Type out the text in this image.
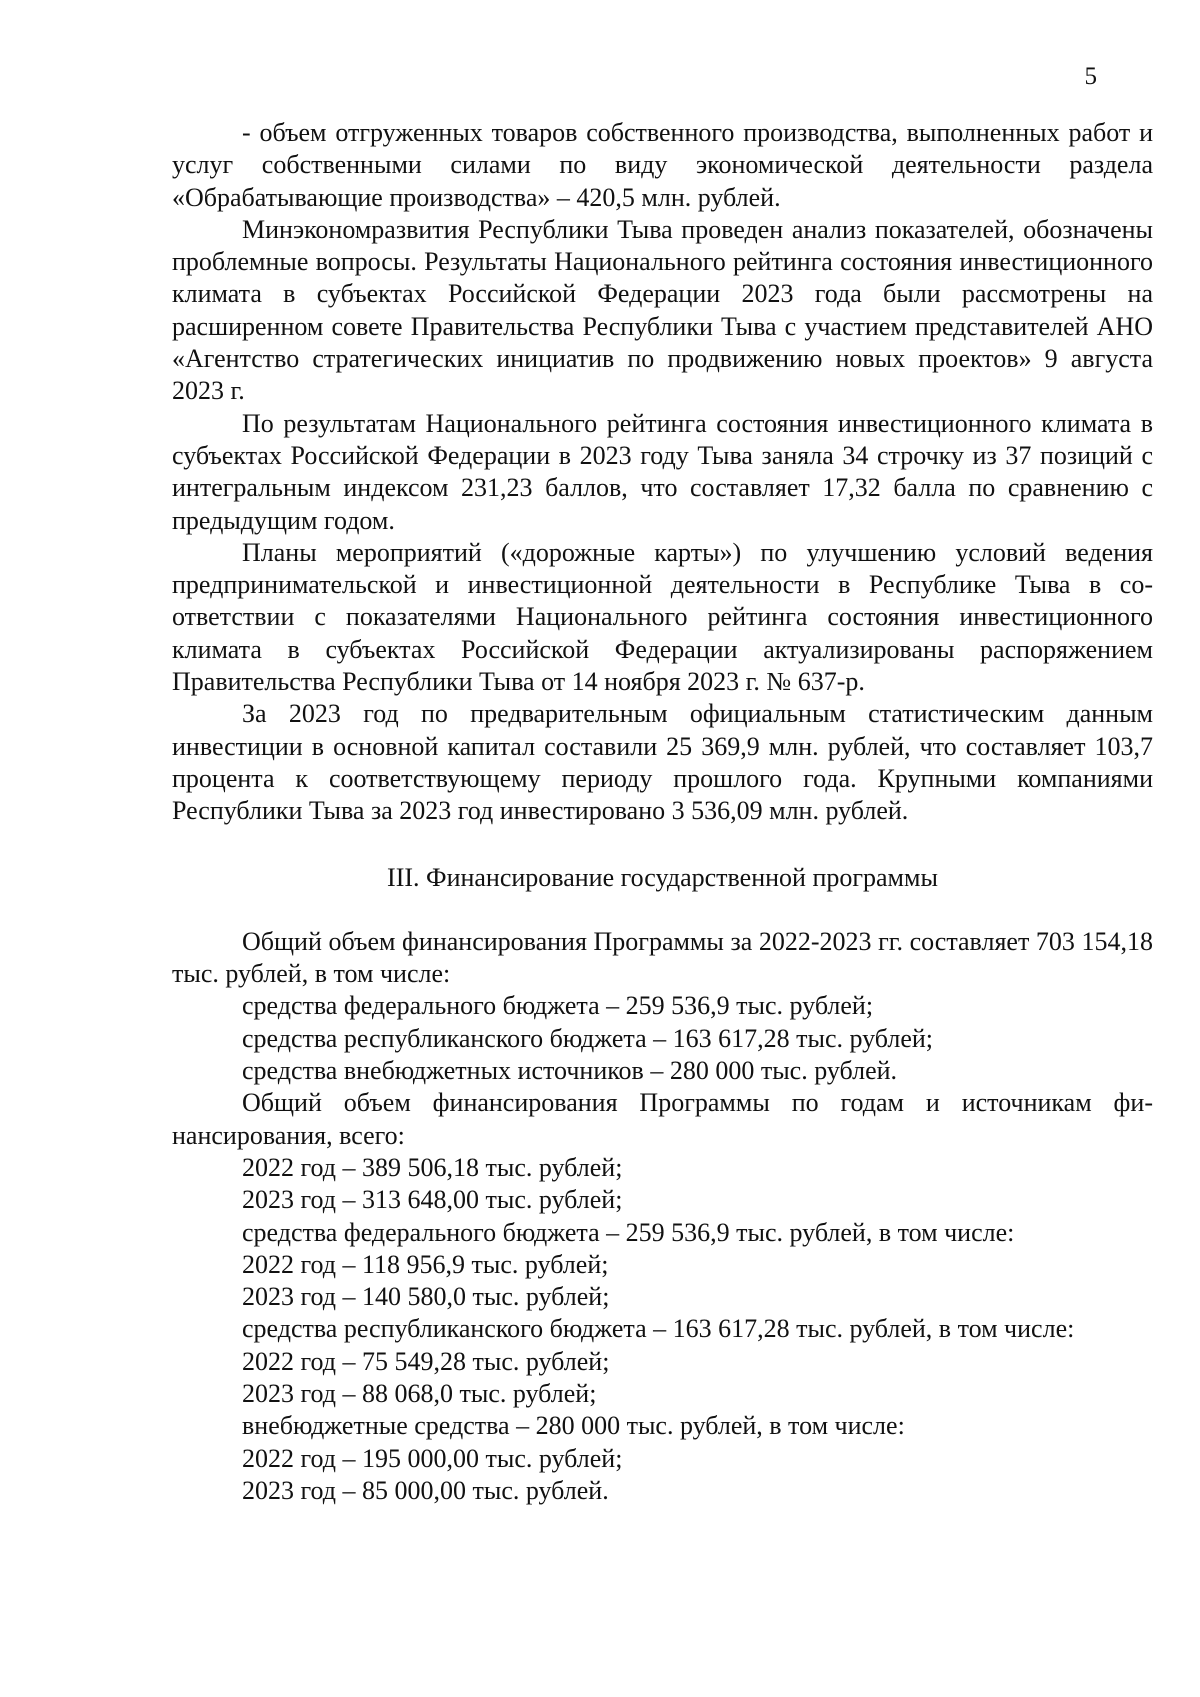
5

- объем отгруженных товаров собственного производства, выполненных работ и услуг собственными силами по виду экономической деятельности раздела «Обрабатывающие производства» – 420,5 млн. рублей.

Минэкономразвития Республики Тыва проведен анализ показателей, обозначены проблемные вопросы. Результаты Национального рейтинга состояния инвестиционного климата в субъектах Российской Федерации 2023 года были рассмотрены на расширенном совете Правительства Республики Тыва с участием представителей АНО «Агентство стратегических инициатив по продвижению новых проектов» 9 августа 2023 г.

По результатам Национального рейтинга состояния инвестиционного климата в субъектах Российской Федерации в 2023 году Тыва заняла 34 строчку из 37 позиций с интегральным индексом 231,23 баллов, что составляет 17,32 балла по сравнению с предыдущим годом.

Планы мероприятий («дорожные карты») по улучшению условий ведения предпринимательской и инвестиционной деятельности в Республике Тыва в соответствии с показателями Национального рейтинга состояния инвестиционного климата в субъектах Российской Федерации актуализированы распоряжением Правительства Республики Тыва от 14 ноября 2023 г. № 637-р.

За 2023 год по предварительным официальным статистическим данным инвестиции в основной капитал составили 25 369,9 млн. рублей, что составляет 103,7 процента к соответствующему периоду прошлого года. Крупными компаниями Республики Тыва за 2023 год инвестировано 3 536,09 млн. рублей.

III. Финансирование государственной программы

Общий объем финансирования Программы за 2022-2023 гг. составляет 703 154,18 тыс. рублей, в том числе:

средства федерального бюджета – 259 536,9 тыс. рублей;

средства республиканского бюджета – 163 617,28 тыс. рублей;

средства внебюджетных источников – 280 000 тыс. рублей.

Общий объем финансирования Программы по годам и источникам финансирования, всего:

2022 год – 389 506,18 тыс. рублей;

2023 год – 313 648,00 тыс. рублей;

средства федерального бюджета – 259 536,9 тыс. рублей, в том числе:

2022 год – 118 956,9 тыс. рублей;

2023 год – 140 580,0 тыс. рублей;

средства республиканского бюджета – 163 617,28 тыс. рублей, в том числе:

2022 год – 75 549,28 тыс. рублей;

2023 год – 88 068,0 тыс. рублей;

внебюджетные средства – 280 000 тыс. рублей, в том числе:

2022 год – 195 000,00 тыс. рублей;

2023 год – 85 000,00 тыс. рублей.
